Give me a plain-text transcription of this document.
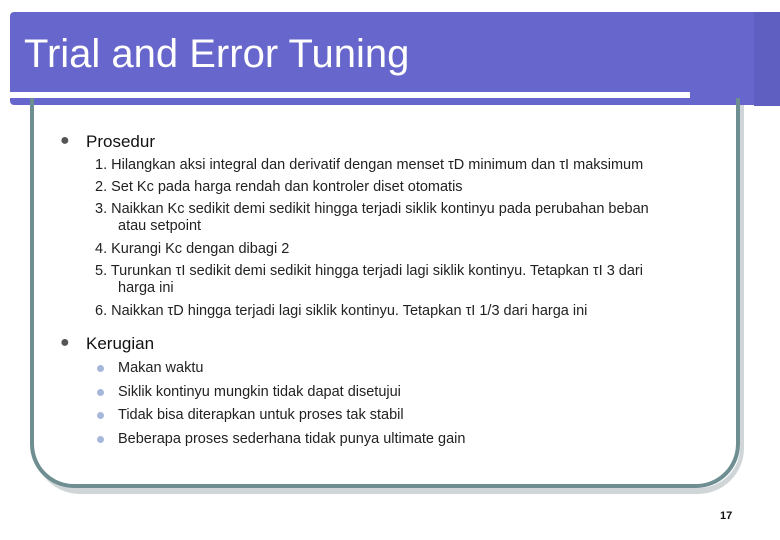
Trial and Error Tuning
● Prosedur
1. Hilangkan aksi integral dan derivatif dengan menset τD minimum dan τI maksimum
2. Set Kc pada harga rendah dan kontroler diset otomatis
3. Naikkan Kc sedikit demi sedikit hingga terjadi siklik kontinyu pada perubahan beban
atau setpoint
4. Kurangi Kc dengan dibagi 2
5. Turunkan τI sedikit demi sedikit hingga terjadi lagi siklik kontinyu. Tetapkan τI 3 dari
harga ini
6. Naikkan τD hingga terjadi lagi siklik kontinyu. Tetapkan τI 1/3 dari harga ini
● Kerugian
Makan waktu
Siklik kontinyu mungkin tidak dapat disetujui
Tidak bisa diterapkan untuk proses tak stabil
Beberapa proses sederhana tidak punya ultimate gain
17
